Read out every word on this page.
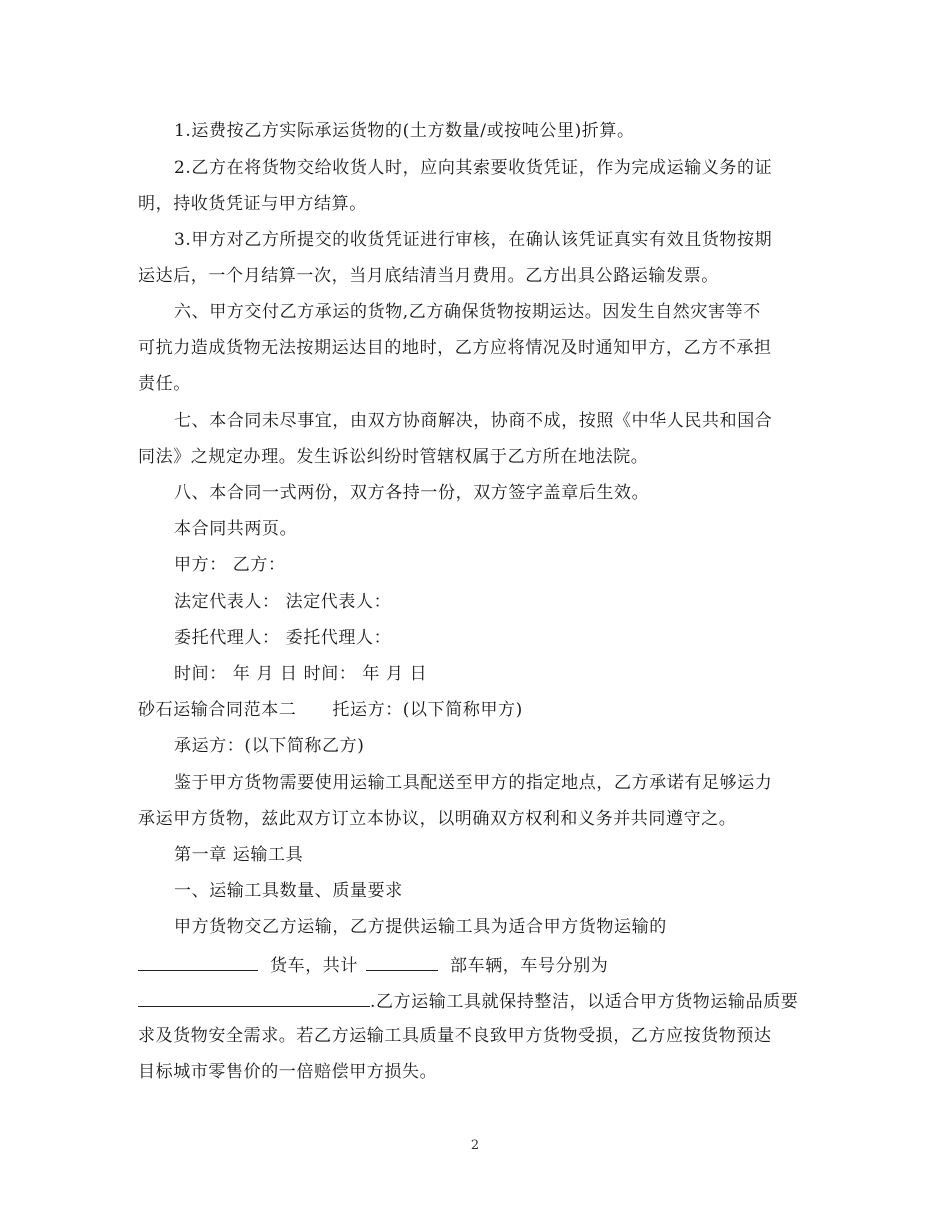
1.运费按乙方实际承运货物的(土方数量/或按吨公里)折算。
2.乙方在将货物交给收货人时，应向其索要收货凭证，作为完成运输义务的证
明，持收货凭证与甲方结算。
3.甲方对乙方所提交的收货凭证进行审核，在确认该凭证真实有效且货物按期
运达后，一个月结算一次，当月底结清当月费用。乙方出具公路运输发票。
六、甲方交付乙方承运的货物,乙方确保货物按期运达。因发生自然灾害等不
可抗力造成货物无法按期运达目的地时，乙方应将情况及时通知甲方，乙方不承担
责任。
七、本合同未尽事宜，由双方协商解决，协商不成，按照《中华人民共和国合
同法》之规定办理。发生诉讼纠纷时管辖权属于乙方所在地法院。
八、本合同一式两份，双方各持一份，双方签字盖章后生效。
本合同共两页。
甲方： 乙方：
法定代表人： 法定代表人：
委托代理人： 委托代理人：
时间： 年 月 日 时间： 年 月 日
砂石运输合同范本二 托运方：(以下简称甲方)
承运方：(以下简称乙方)
鉴于甲方货物需要使用运输工具配送至甲方的指定地点，乙方承诺有足够运力
承运甲方货物，兹此双方订立本协议，以明确双方权利和义务并共同遵守之。
第一章 运输工具
一、运输工具数量、质量要求
甲方货物交乙方运输，乙方提供运输工具为适合甲方货物运输的
货车，共计	部车辆，车号分别为
.乙方运输工具就保持整洁，以适合甲方货物运输品质要
求及货物安全需求。若乙方运输工具质量不良致甲方货物受损，乙方应按货物预达
目标城市零售价的一倍赔偿甲方损失。
2
